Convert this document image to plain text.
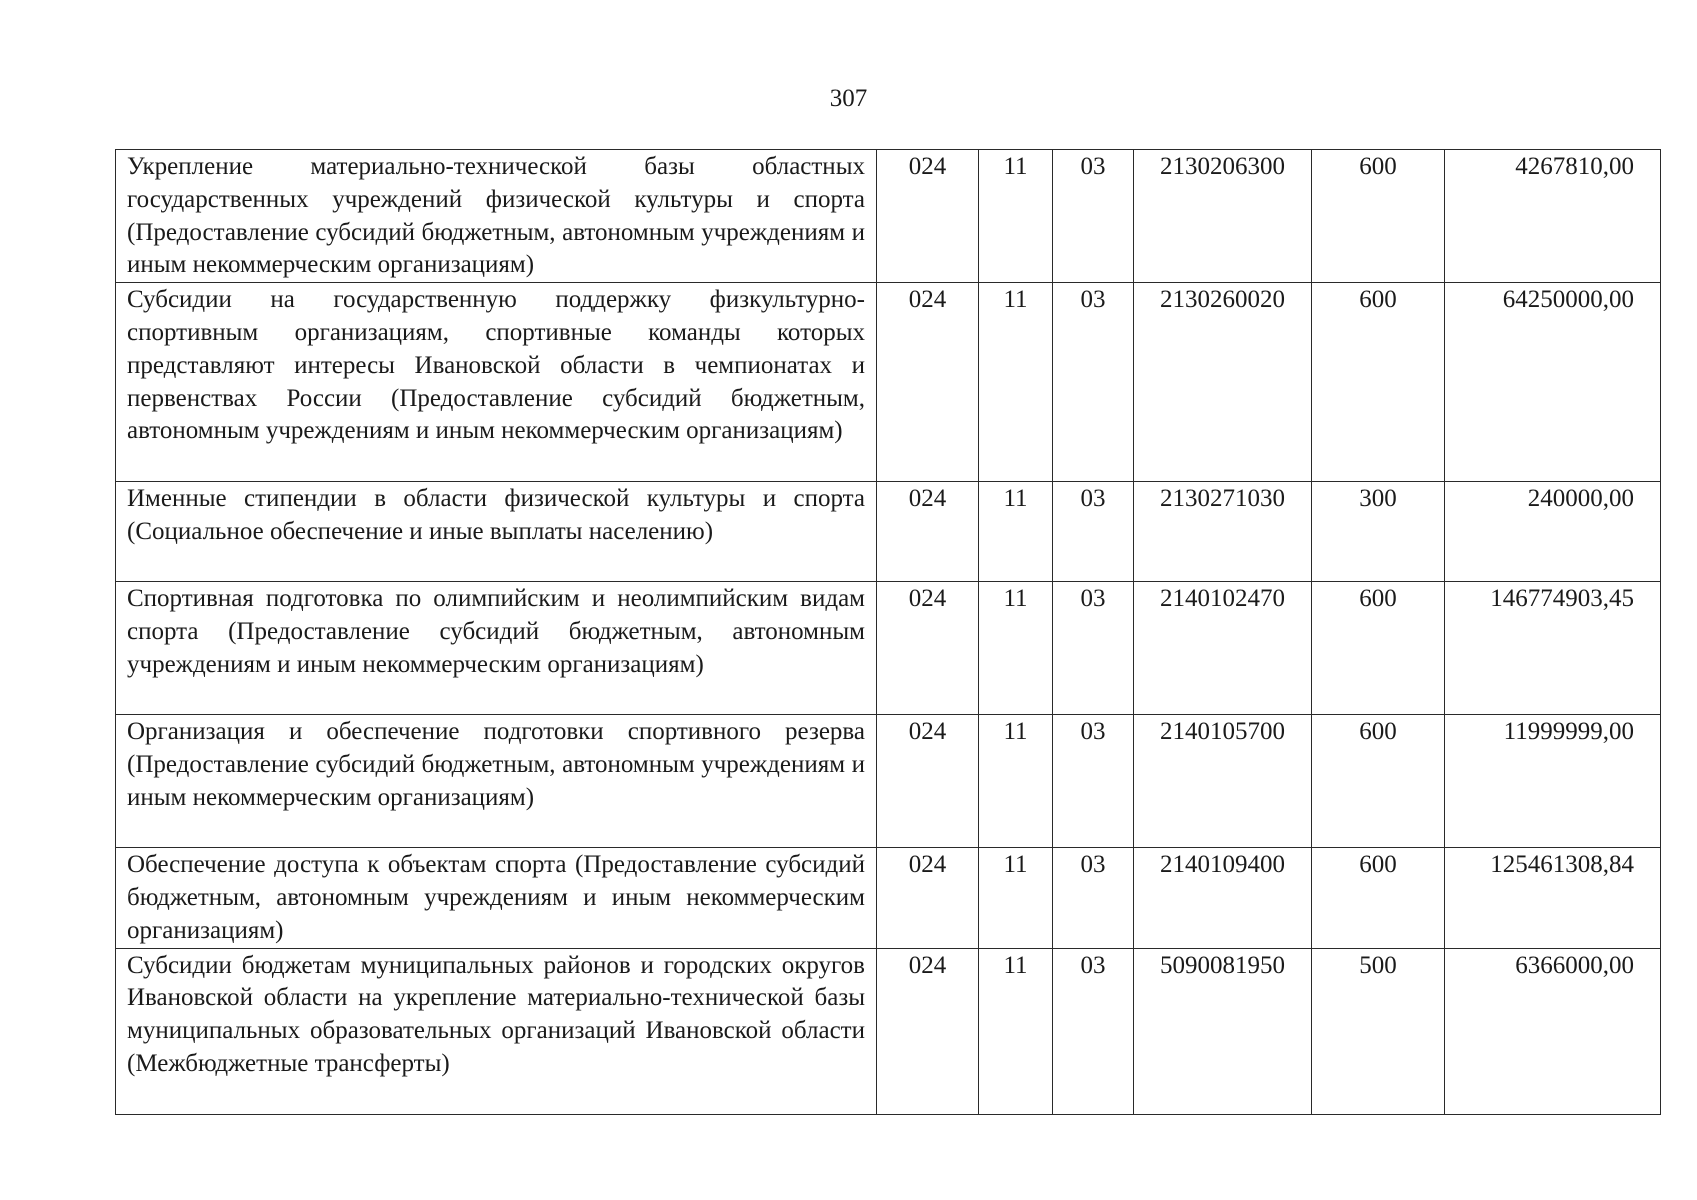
307
Укрепление материально-технической базы областных государственных учреждений физической культуры и спорта (Предоставление субсидий бюджетным, автономным учреждениям и иным некоммерческим организациям)	024	11	03	2130206300	600	4267810,00
Субсидии на государственную поддержку физкультурно-спортивным организациям, спортивные команды которых представляют интересы Ивановской области в чемпионатах и первенствах России (Предоставление субсидий бюджетным, автономным учреждениям и иным некоммерческим организациям)	024	11	03	2130260020	600	64250000,00
Именные стипендии в области физической культуры и спорта (Социальное обеспечение и иные выплаты населению)	024	11	03	2130271030	300	240000,00
Спортивная подготовка по олимпийским и неолимпийским видам спорта (Предоставление субсидий бюджетным, автономным учреждениям и иным некоммерческим организациям)	024	11	03	2140102470	600	146774903,45
Организация и обеспечение подготовки спортивного резерва (Предоставление субсидий бюджетным, автономным учреждениям и иным некоммерческим организациям)	024	11	03	2140105700	600	11999999,00
Обеспечение доступа к объектам спорта (Предоставление субсидий бюджетным, автономным учреждениям и иным некоммерческим организациям)	024	11	03	2140109400	600	125461308,84
Субсидии бюджетам муниципальных районов и городских округов Ивановской области на укрепление материально-технической базы муниципальных образовательных организаций Ивановской области (Межбюджетные трансферты)	024	11	03	5090081950	500	6366000,00
